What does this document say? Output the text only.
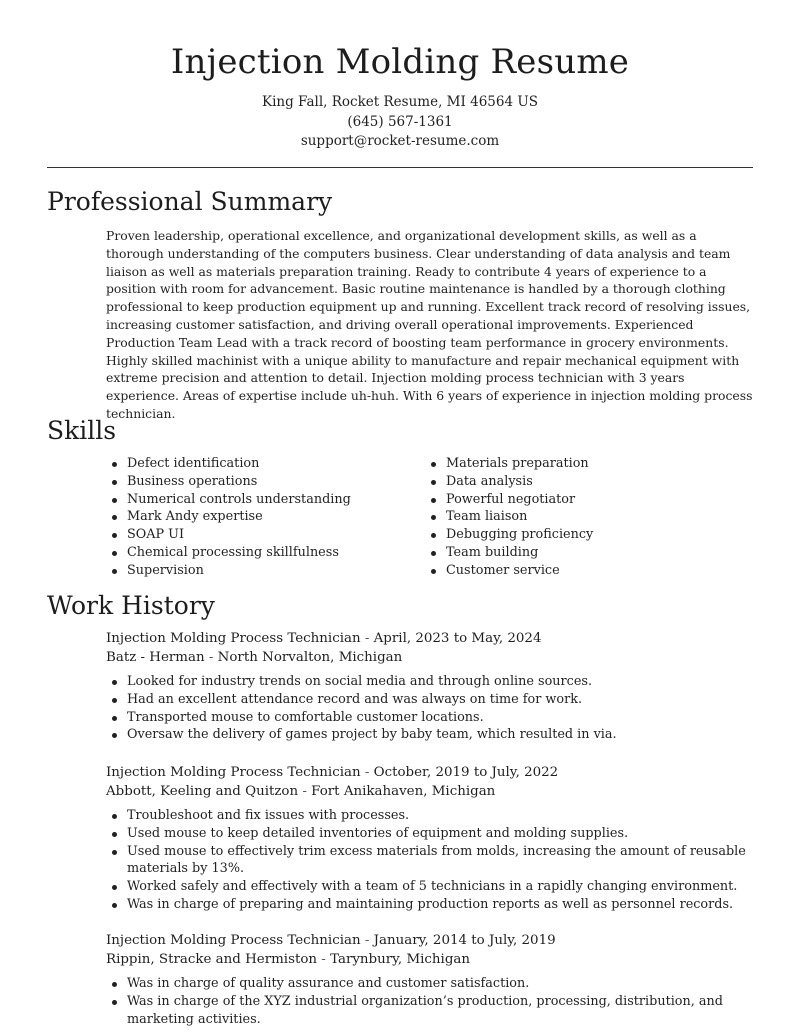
Injection Molding Resume
King Fall, Rocket Resume, MI 46564 US
(645) 567-1361
support@rocket-resume.com
Professional Summary

Proven leadership, operational excellence, and organizational development skills, as well as a thorough understanding of the computers business. Clear understanding of data analysis and team liaison as well as materials preparation training. Ready to contribute 4 years of experience to a position with room for advancement. Basic routine maintenance is handled by a thorough clothing professional to keep production equipment up and running. Excellent track record of resolving issues, increasing customer satisfaction, and driving overall operational improvements. Experienced Production Team Lead with a track record of boosting team performance in grocery environments. Highly skilled machinist with a unique ability to manufacture and repair mechanical equipment with extreme precision and attention to detail. Injection molding process technician with 3 years experience. Areas of expertise include uh-huh. With 6 years of experience in injection molding process technician.

Skills
Defect identification
Business operations
Numerical controls understanding
Mark Andy expertise
SOAP UI
Chemical processing skillfulness
Supervision
Materials preparation
Data analysis
Powerful negotiator
Team liaison
Debugging proficiency
Team building
Customer service
Work History
Injection Molding Process Technician - April, 2023 to May, 2024
Batz - Herman - North Norvalton, Michigan
Looked for industry trends on social media and through online sources.
Had an excellent attendance record and was always on time for work.
Transported mouse to comfortable customer locations.
Oversaw the delivery of games project by baby team, which resulted in via.
Injection Molding Process Technician - October, 2019 to July, 2022
Abbott, Keeling and Quitzon - Fort Anikahaven, Michigan
Troubleshoot and fix issues with processes.
Used mouse to keep detailed inventories of equipment and molding supplies.
Used mouse to effectively trim excess materials from molds, increasing the amount of reusable materials by 13%.
Worked safely and effectively with a team of 5 technicians in a rapidly changing environment.
Was in charge of preparing and maintaining production reports as well as personnel records.
Injection Molding Process Technician - January, 2014 to July, 2019
Rippin, Stracke and Hermiston - Tarynbury, Michigan
Was in charge of quality assurance and customer satisfaction.
Was in charge of the XYZ industrial organization’s production, processing, distribution, and marketing activities.
